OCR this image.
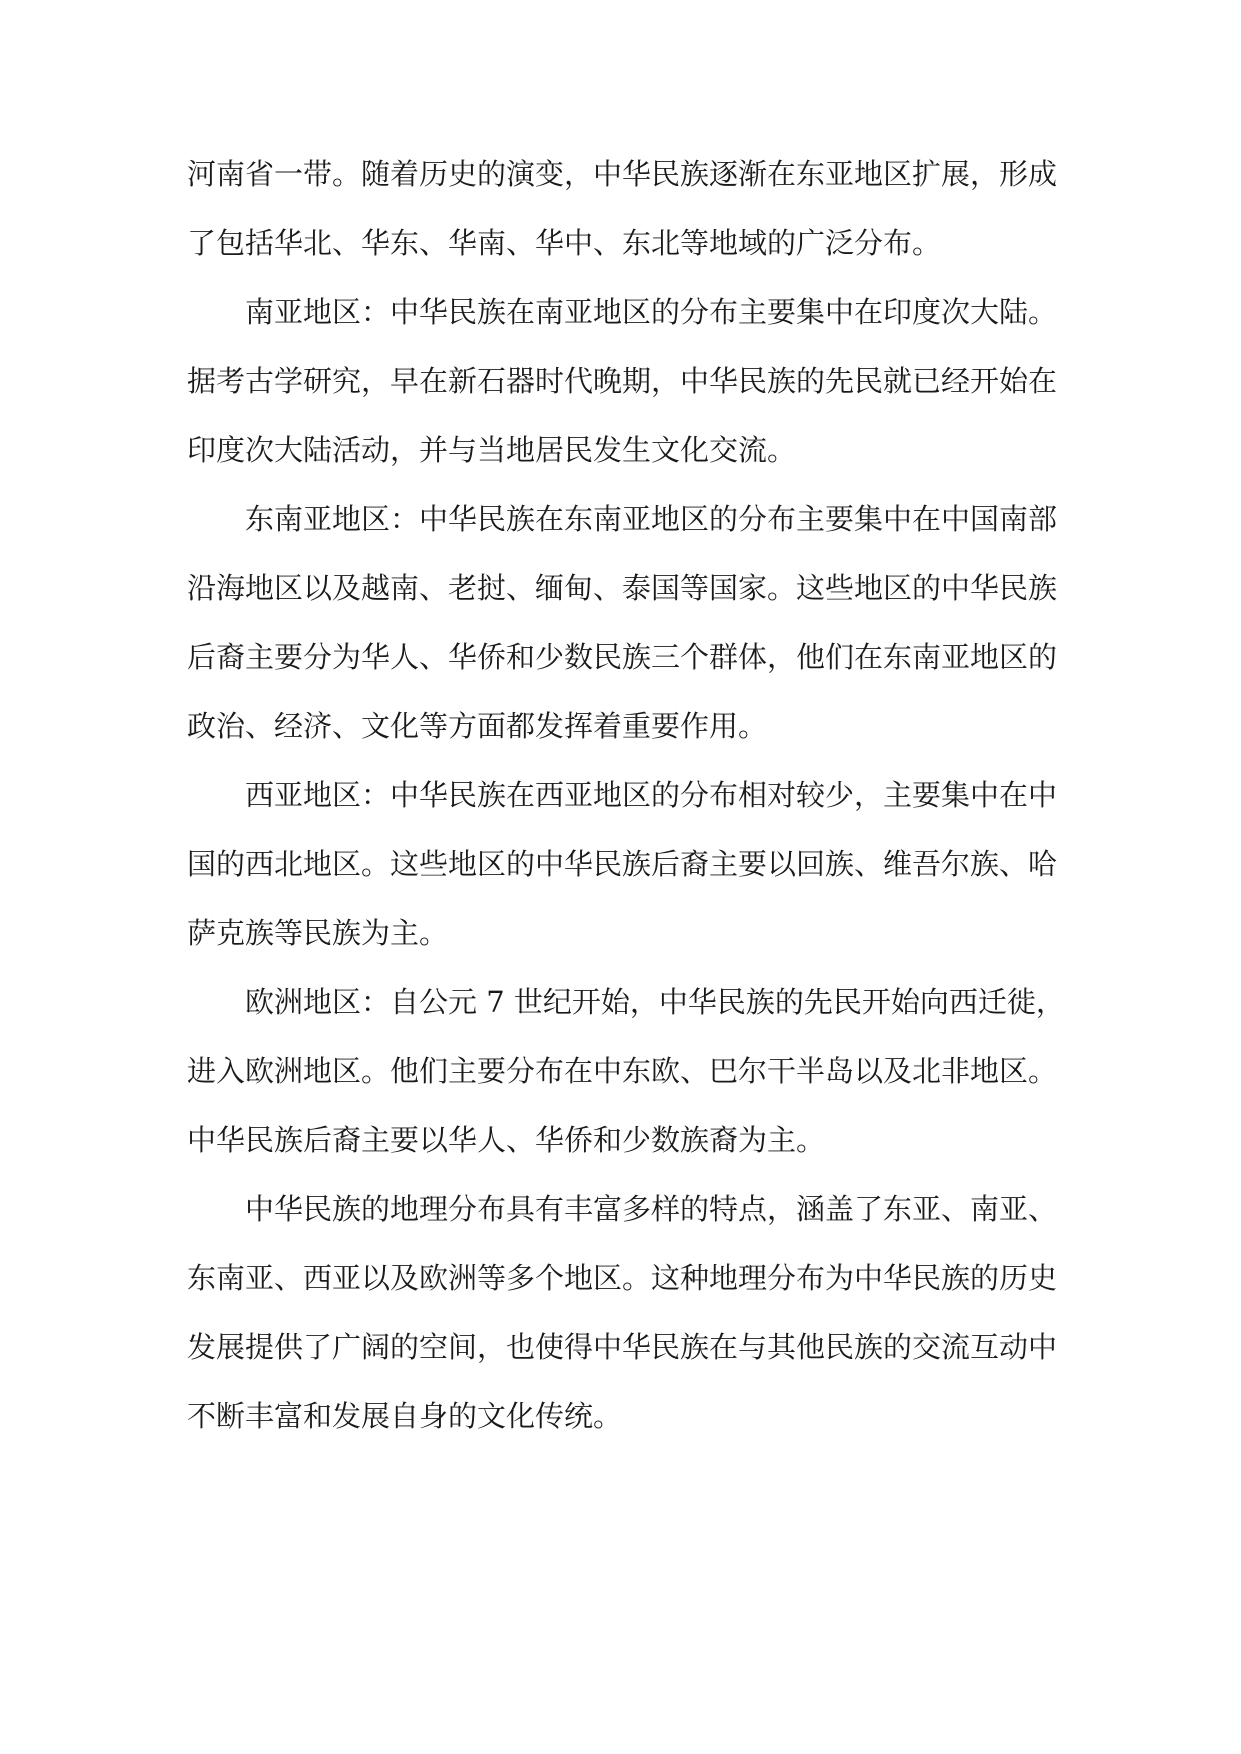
河南省一带。随着历史的演变，中华民族逐渐在东亚地区扩展，形成
了包括华北、华东、华南、华中、东北等地域的广泛分布。
南亚地区：中华民族在南亚地区的分布主要集中在印度次大陆。
据考古学研究，早在新石器时代晚期，中华民族的先民就已经开始在
印度次大陆活动，并与当地居民发生文化交流。
东南亚地区：中华民族在东南亚地区的分布主要集中在中国南部
沿海地区以及越南、老挝、缅甸、泰国等国家。这些地区的中华民族
后裔主要分为华人、华侨和少数民族三个群体，他们在东南亚地区的
政治、经济、文化等方面都发挥着重要作用。
西亚地区：中华民族在西亚地区的分布相对较少，主要集中在中
国的西北地区。这些地区的中华民族后裔主要以回族、维吾尔族、哈
萨克族等民族为主。
欧洲地区：自公元 7 世纪开始，中华民族的先民开始向西迁徙，
进入欧洲地区。他们主要分布在中东欧、巴尔干半岛以及北非地区。
中华民族后裔主要以华人、华侨和少数族裔为主。
中华民族的地理分布具有丰富多样的特点，涵盖了东亚、南亚、
东南亚、西亚以及欧洲等多个地区。这种地理分布为中华民族的历史
发展提供了广阔的空间，也使得中华民族在与其他民族的交流互动中
不断丰富和发展自身的文化传统。
